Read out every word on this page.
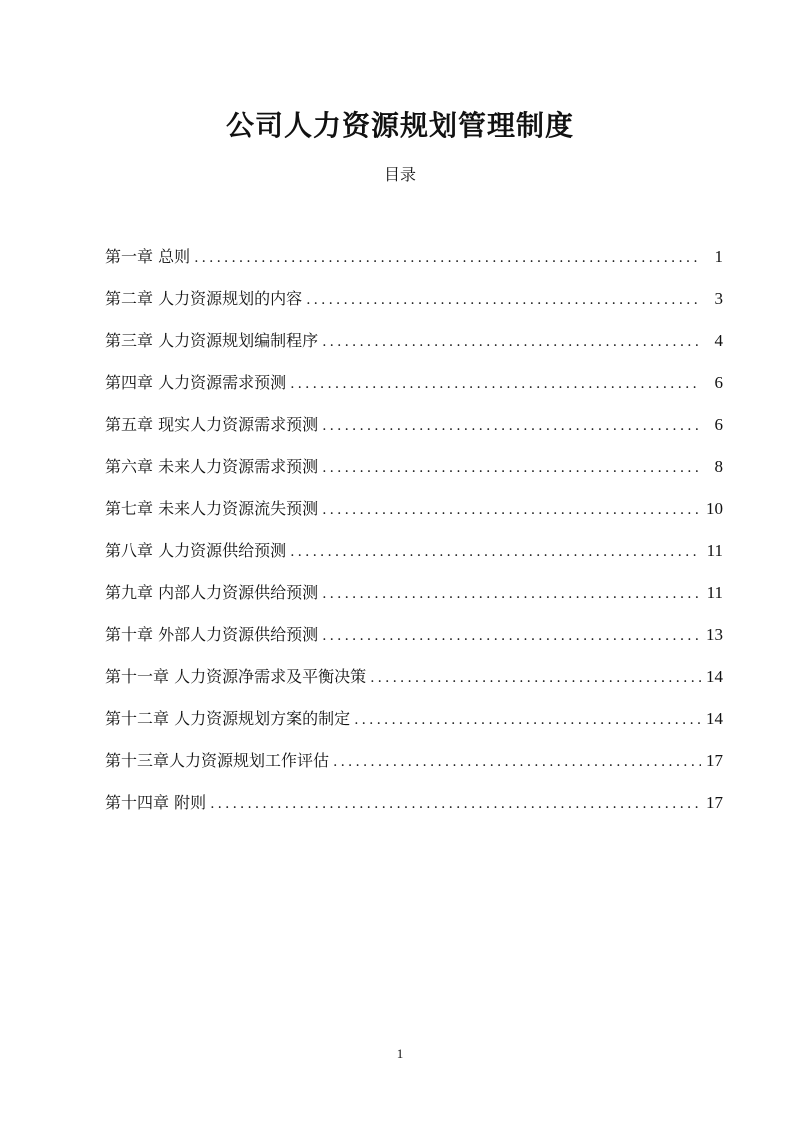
公司人力资源规划管理制度
目录
第一章 总则 .....	1
第二章 人力资源规划的内容 .....	3
第三章 人力资源规划编制程序 .....	4
第四章 人力资源需求预测 .....	6
第五章 现实人力资源需求预测 .....	6
第六章 未来人力资源需求预测 .....	8
第七章 未来人力资源流失预测 .....	10
第八章 人力资源供给预测 .....	11
第九章 内部人力资源供给预测 .....	11
第十章 外部人力资源供给预测 .....	13
第十一章 人力资源净需求及平衡决策 .....	14
第十二章 人力资源规划方案的制定 .....	14
第十三章人力资源规划工作评估 .....	17
第十四章 附则 .....	17
1
